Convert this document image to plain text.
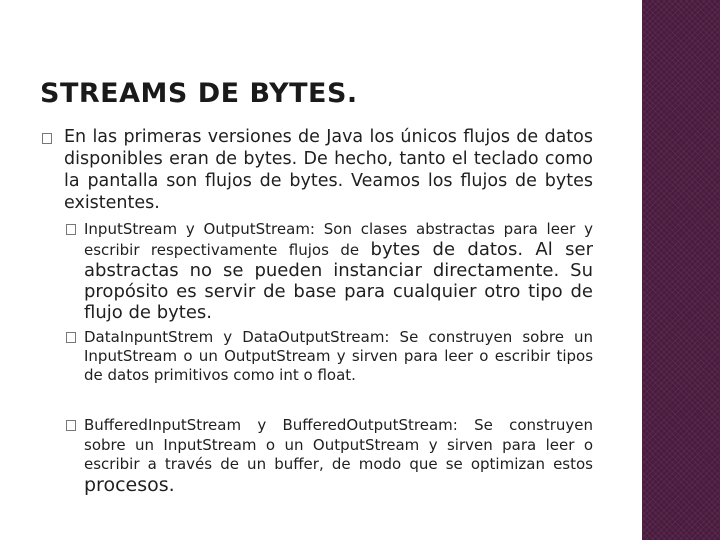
STREAMS DE BYTES.
En las primeras versiones de Java los únicos flujos de datos disponibles eran de bytes. De hecho, tanto el teclado como la pantalla son flujos de bytes. Veamos los flujos de bytes existentes.
InputStream y OutputStream: Son clases abstractas para leer y escribir respectivamente flujos de bytes de datos. Al ser abstractas no se pueden instanciar directamente. Su propósito es servir de base para cualquier otro tipo de flujo de bytes.
DataInpuntStrem y DataOutputStream: Se construyen sobre un InputStream o un OutputStream y sirven para leer o escribir tipos de datos primitivos como int o float.
BufferedInputStream y BufferedOutputStream: Se construyen sobre un InputStream o un OutputStream y sirven para leer o escribir a través de un buffer, de modo que se optimizan estos procesos.
